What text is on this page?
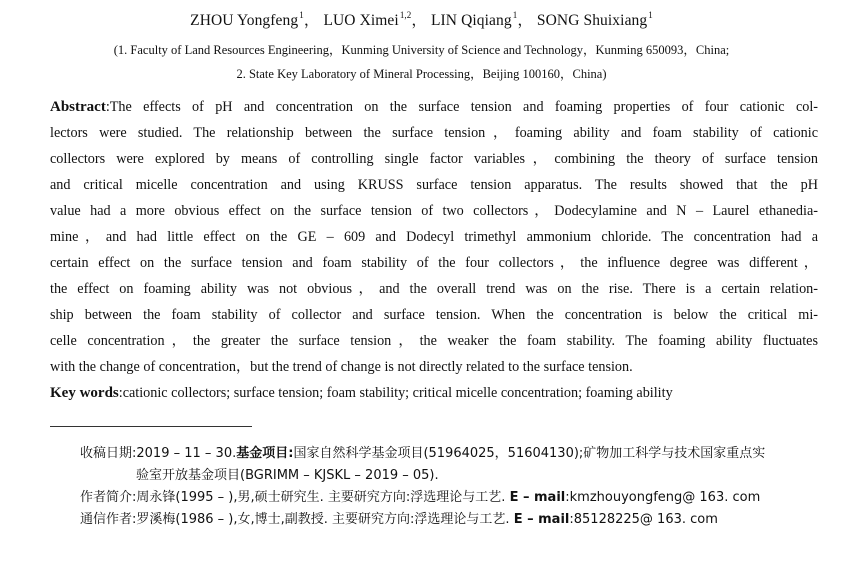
ZHOU Yongfeng$^1$， LUO Ximei$^{1,2}$， LIN Qiqiang$^1$， SONG Shuixiang$^1$
(1. Faculty of Land Resources Engineering，Kunming University of Science and Technology，Kunming 650093，China;
2. State Key Laboratory of Mineral Processing，Beijing 100160，China)
Abstract:The effects of pH and concentration on the surface tension and foaming properties of four cationic col-
lectors were studied. The relationship between the surface tension，foaming ability and foam stability of cationic
collectors were explored by means of controlling single factor variables，combining the theory of surface tension
and critical micelle concentration and using KRUSS surface tension apparatus. The results showed that the pH
value had a more obvious effect on the surface tension of two collectors，Dodecylamine and N – Laurel ethanedia-
mine，and had little effect on the GE – 609 and Dodecyl trimethyl ammonium chloride. The concentration had a
certain effect on the surface tension and foam stability of the four collectors，the influence degree was different，
the effect on foaming ability was not obvious，and the overall trend was on the rise. There is a certain relation-
ship between the foam stability of collector and surface tension. When the concentration is below the critical mi-
celle concentration，the greater the surface tension，the weaker the foam stability. The foaming ability fluctuates
with the change of concentration，but the trend of change is not directly related to the surface tension.
Key words:cationic collectors; surface tension; foam stability; critical micelle concentration; foaming ability
收稿日期: 2019 – 11 – 30. 基金项目: 国家自然科学基金项目(51964025，51604130);矿物加工科学与技术国家重点实
验室开放基金项目(BGRIMM – KJSKL – 2019 – 05).
作者简介: 周永锋(1995 – ),男,硕士研究生. 主要研究方向:浮选理论与工艺.
E – mail :kmzhouyongfeng@ 163. com
通信作者: 罗溪梅(1986 – ),女,博士,副教授. 主要研究方向:浮选理论与工艺.
E – mail :85128225@ 163. com
